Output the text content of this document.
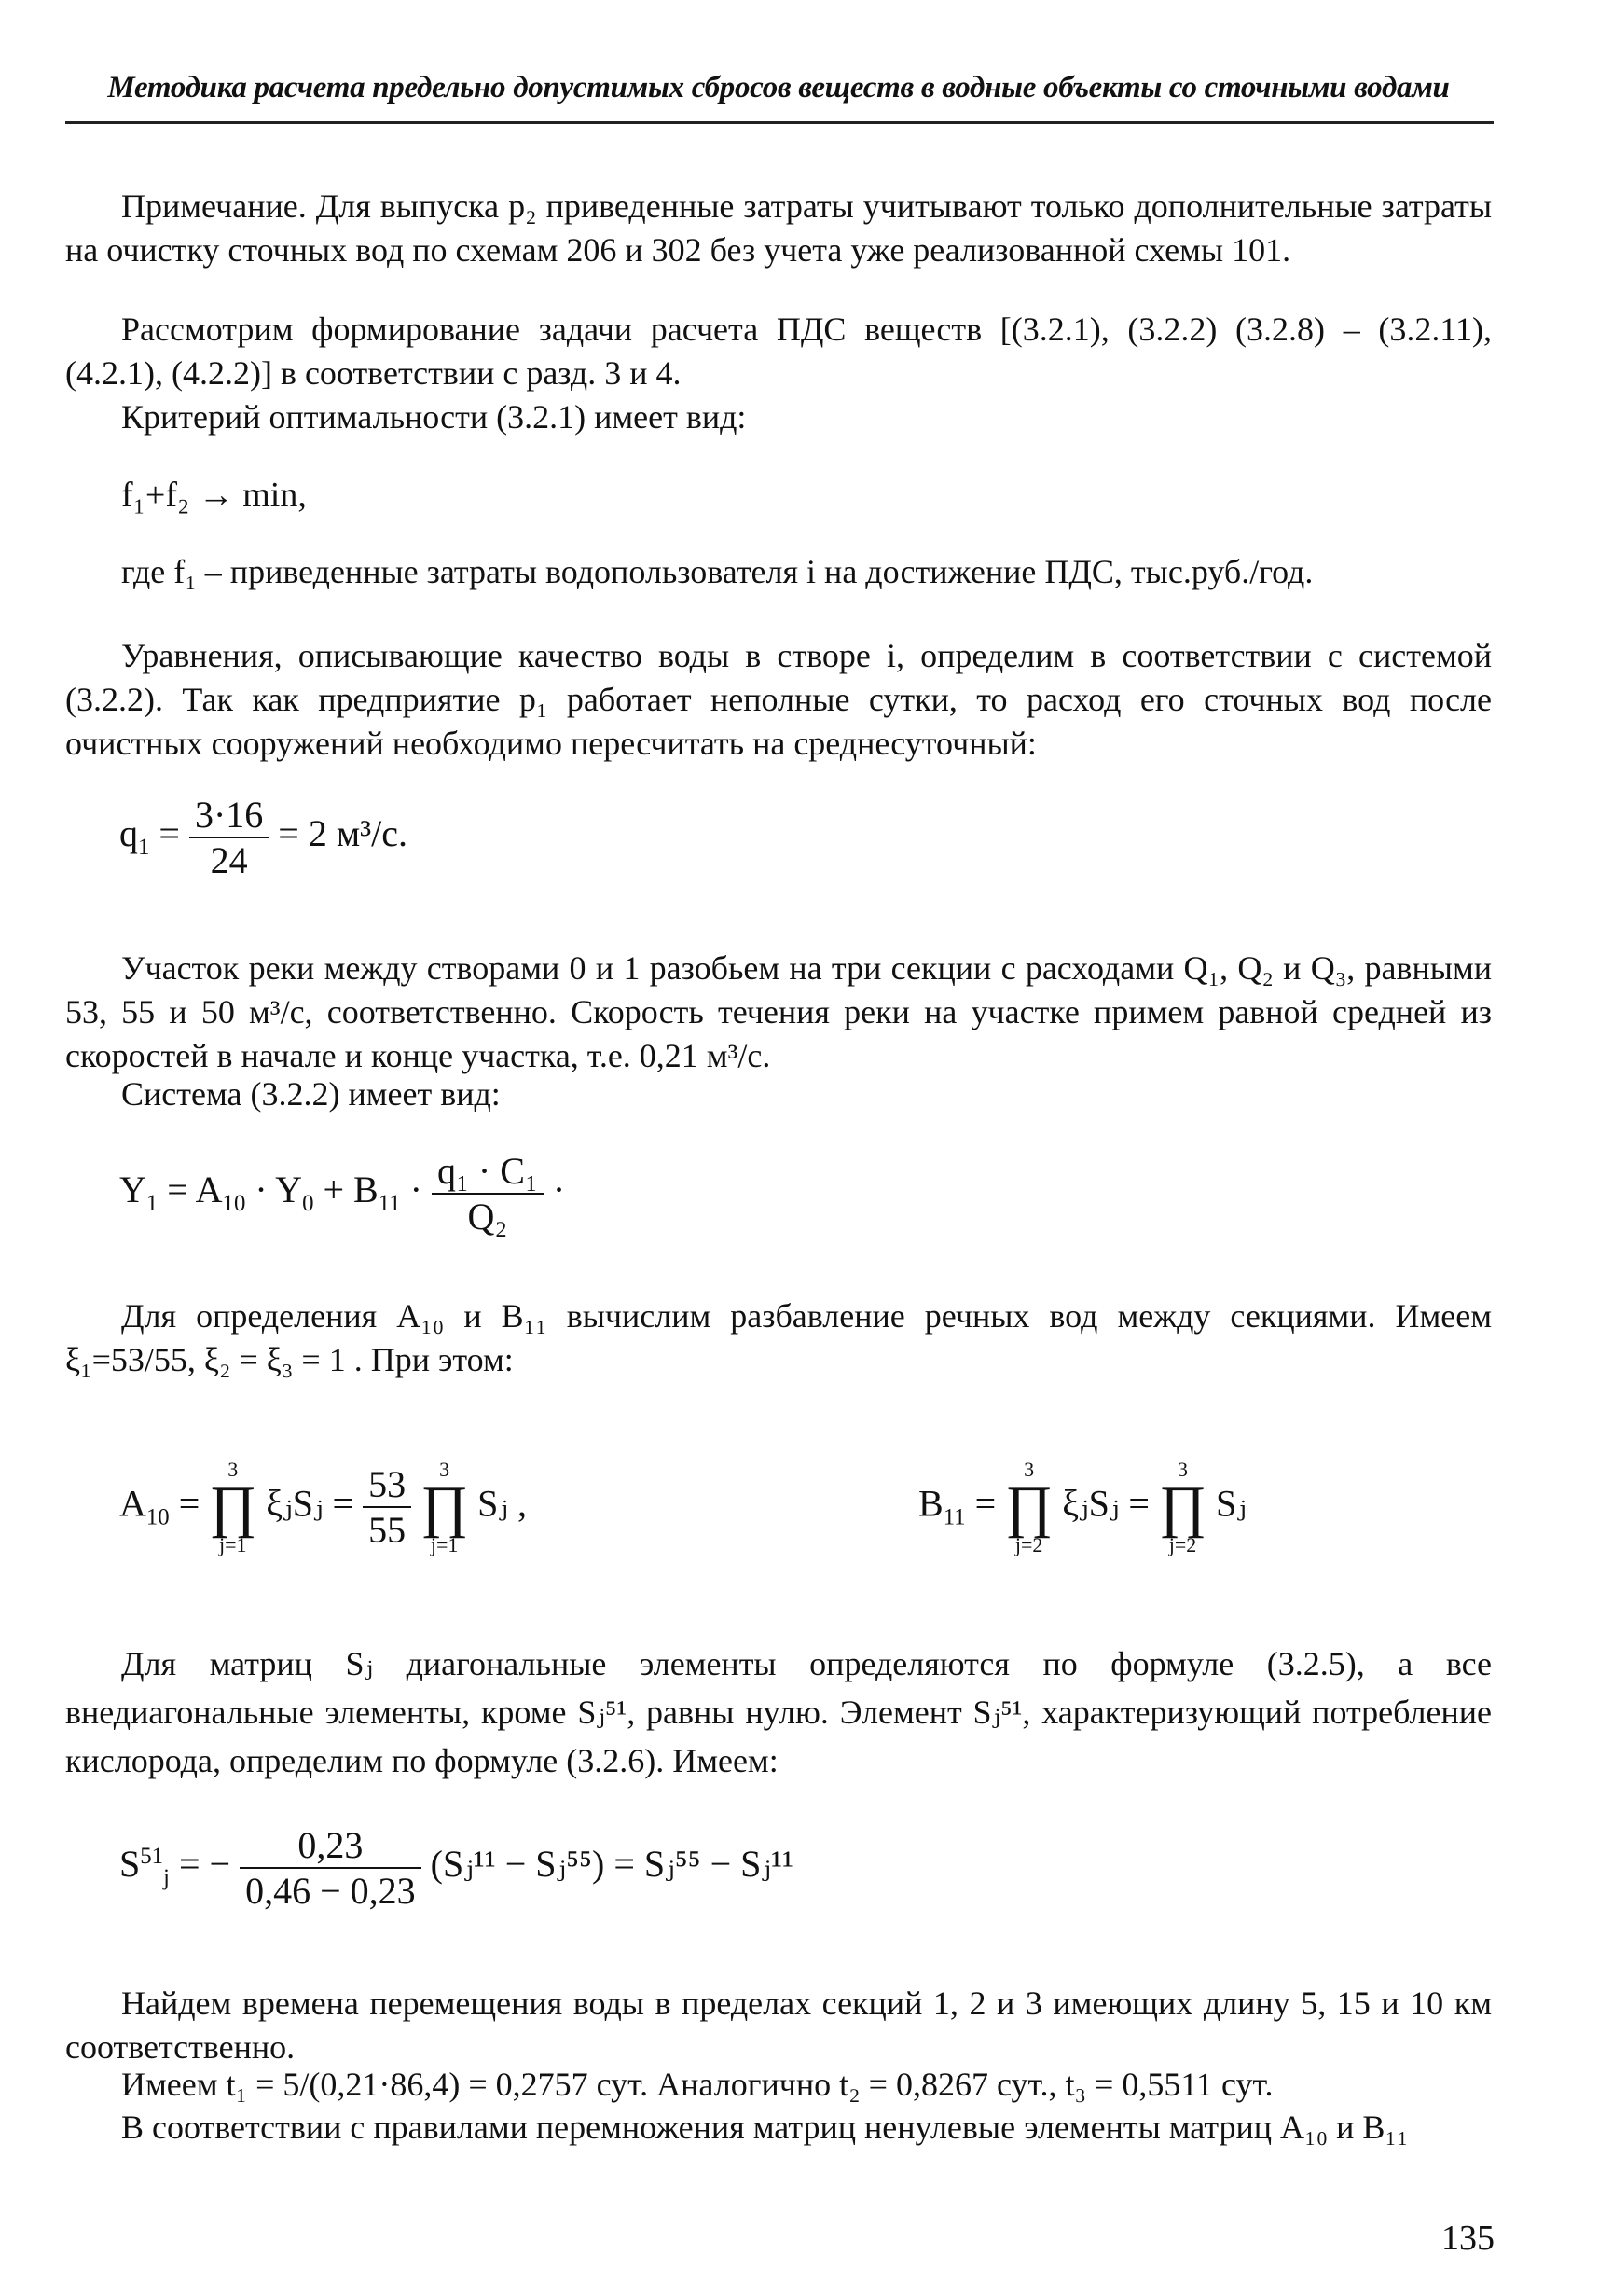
Методика расчета предельно допустимых сбросов веществ в водные объекты со сточными водами
Примечание. Для выпуска p₂ приведенные затраты учитывают только дополнительные затраты на очистку сточных вод по схемам 206 и 302 без учета уже реализованной схемы 101.
Рассмотрим формирование задачи расчета ПДС веществ [(3.2.1), (3.2.2) (3.2.8) – (3.2.11), (4.2.1), (4.2.2)] в соответствии с разд. 3 и 4.
Критерий оптимальности (3.2.1) имеет вид:
f₁+f₂ → min,
где f₁ – приведенные затраты водопользователя i на достижение ПДС, тыс.руб./год.
Уравнения, описывающие качество воды в створе i, определим в соответствии с системой (3.2.2). Так как предприятие p₁ работает неполные сутки, то расход его сточных вод после очистных сооружений необходимо пересчитать на среднесуточный:
$q_1 = \frac{3\cdot 16}{24} = 2$ м³/с.
Участок реки между створами 0 и 1 разобьем на три секции с расходами Q₁, Q₂ и Q₃, равными 53, 55 и 50 м³/с, соответственно. Скорость течения реки на участке примем равной средней из скоростей в начале и конце участка, т.е. 0,21 м³/с.
Система (3.2.2) имеет вид:
$Y_1 = A_{10} \cdot Y_0 + B_{11} \cdot \frac{\text{q₁ · C₁}}{\text{Q₂}}$ ·
Для определения A₁₀ и B₁₁ вычислим разбавление речных вод между секциями. Имеем ξ₁=53/55, ξ₂ = ξ₃ = 1 . При этом:
$A_{10}$ =
3
∏
j=1
ξⱼSⱼ = $\frac{53}{55}$
	3
∏
j=1
Sⱼ ,	$B_{11}$ =
3
∏
j=2
ξⱼSⱼ =
3
∏
j=2
Sⱼ
Для матриц Sⱼ диагональные элементы определяются по формуле (3.2.5), а все внедиагональные элементы, кроме Sⱼ⁵¹, равны нулю. Элемент Sⱼ⁵¹, характеризующий потребление кислорода, определим по формуле (3.2.6). Имеем:
$S^{51}_j$ = − $\frac{0,23}{0,46 - 0,23}$ (Sⱼ¹¹ − Sⱼ⁵⁵) = Sⱼ⁵⁵ − Sⱼ¹¹
Найдем времена перемещения воды в пределах секций 1, 2 и 3 имеющих длину 5, 15 и 10 км соответственно.
Имеем t₁ = 5/(0,21·86,4) = 0,2757 сут. Аналогично t₂ = 0,8267 сут., t₃ = 0,5511 сут.
В соответствии с правилами перемножения матриц ненулевые элементы матриц A₁₀ и B₁₁
135
